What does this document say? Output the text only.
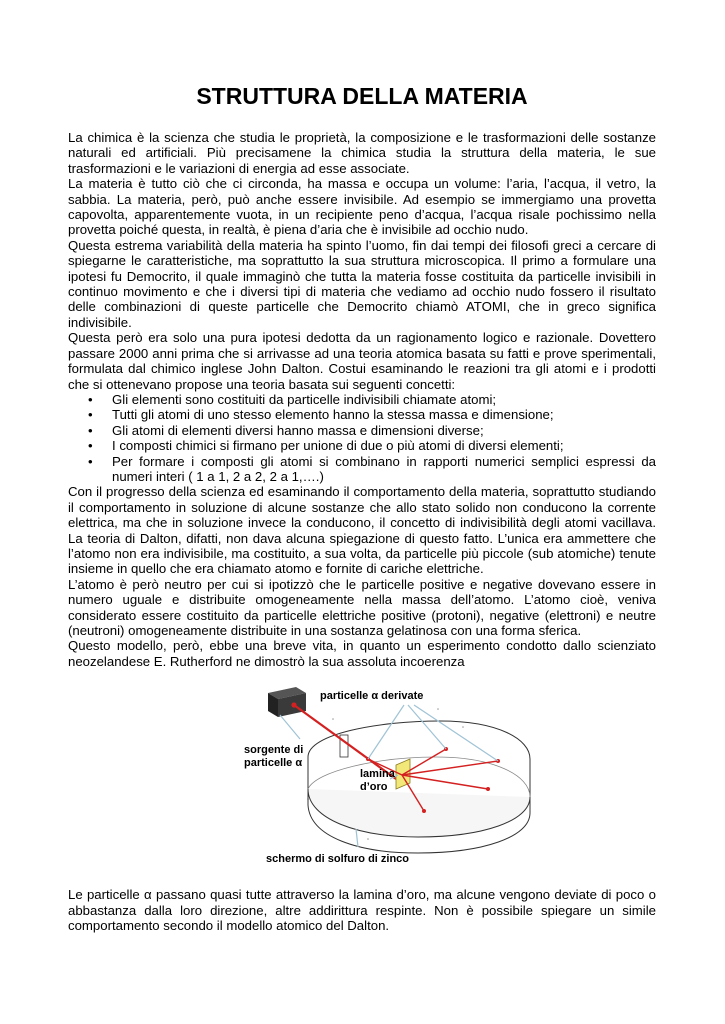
STRUTTURA DELLA MATERIA

La chimica è la scienza che studia le proprietà, la composizione e le trasformazioni delle sostanze naturali ed artificiali. Più precisamene la chimica studia la struttura della materia, le sue trasformazioni e le variazioni di energia ad esse associate.

La materia è tutto ciò che ci circonda, ha massa e occupa un volume: l’aria, l’acqua, il vetro, la sabbia. La materia, però, può anche essere invisibile. Ad esempio se immergiamo una provetta capovolta, apparentemente vuota, in un recipiente peno d’acqua, l’acqua risale pochissimo nella provetta poiché questa, in realtà, è piena d’aria che è invisibile ad occhio nudo.

Questa estrema variabilità della materia ha spinto l’uomo, fin dai tempi dei filosofi greci a cercare di spiegarne le caratteristiche, ma soprattutto la sua struttura microscopica. Il primo a formulare una ipotesi fu Democrito, il quale immaginò che tutta la materia fosse costituita da particelle invisibili in continuo movimento e che i diversi tipi di materia che vediamo ad occhio nudo fossero il risultato delle combinazioni di queste particelle che Democrito chiamò ATOMI, che in greco significa indivisibile.

Questa però era solo una pura ipotesi dedotta da un ragionamento logico e razionale. Dovettero passare 2000 anni prima che si arrivasse ad una teoria atomica basata su fatti e prove sperimentali, formulata dal chimico inglese John Dalton. Costui esaminando le reazioni tra gli atomi e i prodotti che si ottenevano propose una teoria basata sui seguenti concetti:

• Gli elementi sono costituiti da particelle indivisibili chiamate atomi;
• Tutti gli atomi di uno stesso elemento hanno la stessa massa e dimensione;
• Gli atomi di elementi diversi hanno massa e dimensioni diverse;
• I composti chimici si firmano per unione di due o più atomi di diversi elementi;
• Per formare i composti gli atomi si combinano in rapporti numerici semplici espressi da numeri interi ( 1 a 1, 2 a 2, 2 a 1,….)

Con il progresso della scienza ed esaminando il comportamento della materia, soprattutto studiando il comportamento in soluzione di alcune sostanze che allo stato solido non conducono la corrente elettrica, ma che in soluzione invece la conducono, il concetto di indivisibilità degli atomi vacillava. La teoria di Dalton, difatti, non dava alcuna spiegazione di questo fatto. L’unica era ammettere che l’atomo non era indivisibile, ma costituito, a sua volta, da particelle più piccole (sub atomiche) tenute insieme in quello che era chiamato atomo e fornite di cariche elettriche.

L’atomo è però neutro per cui si ipotizzò che le particelle positive e negative dovevano essere in numero uguale e distribuite omogeneamente nella massa dell’atomo. L’atomo cioè, veniva considerato essere costituito da particelle elettriche positive (protoni), negative (elettroni) e neutre (neutroni) omogeneamente distribuite in una sostanza gelatinosa con una forma sferica.

Questo modello, però, ebbe una breve vita, in quanto un esperimento condotto dallo scienziato neozelandese E. Rutherford ne dimostrò la sua assoluta incoerenza

particelle α derivate
sorgente di
particelle α
lamina
d’oro
schermo di solfuro di zinco

Le particelle α passano quasi tutte attraverso la lamina d’oro, ma alcune vengono deviate di poco o abbastanza dalla loro direzione, altre addirittura respinte. Non è possibile spiegare un simile comportamento secondo il modello atomico del Dalton.
